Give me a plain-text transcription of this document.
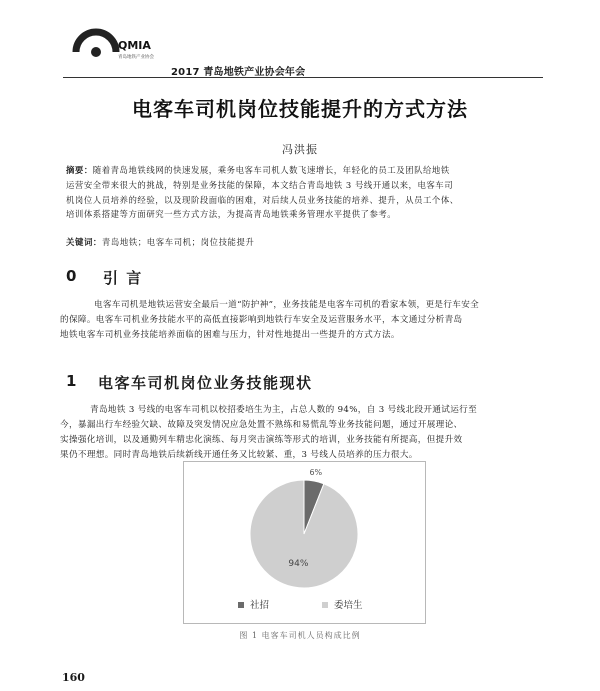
QMIA
青岛地铁产业协会
2017 青岛地铁产业协会年会
电客车司机岗位技能提升的方式方法
冯洪振
摘要：随着青岛地铁线网的快速发展，乘务电客车司机人数飞速增长，年轻化的员工及团队给地铁
运营安全带来很大的挑战，特别是业务技能的保障，本文结合青岛地铁 3 号线开通以来，电客车司
机岗位人员培养的经验，以及现阶段面临的困难，对后续人员业务技能的培养、提升，从员工个体、
培训体系搭建等方面研究一些方式方法，为提高青岛地铁乘务管理水平提供了参考。
关键词：青岛地铁；电客车司机；岗位技能提升
0 引 言
电客车司机是地铁运营安全最后一道“防护神”，业务技能是电客车司机的看家本领，更是行车安全
的保障。电客车司机业务技能水平的高低直接影响到地铁行车安全及运营服务水平，本文通过分析青岛
地铁电客车司机业务技能培养面临的困难与压力，针对性地提出一些提升的方式方法。
1 电客车司机岗位业务技能现状
青岛地铁 3 号线的电客车司机以校招委培生为主，占总人数的 94%，自 3 号线北段开通试运行至
今，暴漏出行车经验欠缺、故障及突发情况应急处置不熟练和易慌乱等业务技能问题，通过开展理论、
实操强化培训，以及通勤列车精忠化演练、每月突击演练等形式的培训，业务技能有所提高，但提升效
果仍不理想。同时青岛地铁后续新线开通任务又比较紧、重，3 号线人员培养的压力很大。
6%
94%
社招	委培生
图 1 电客车司机人员构成比例
160
